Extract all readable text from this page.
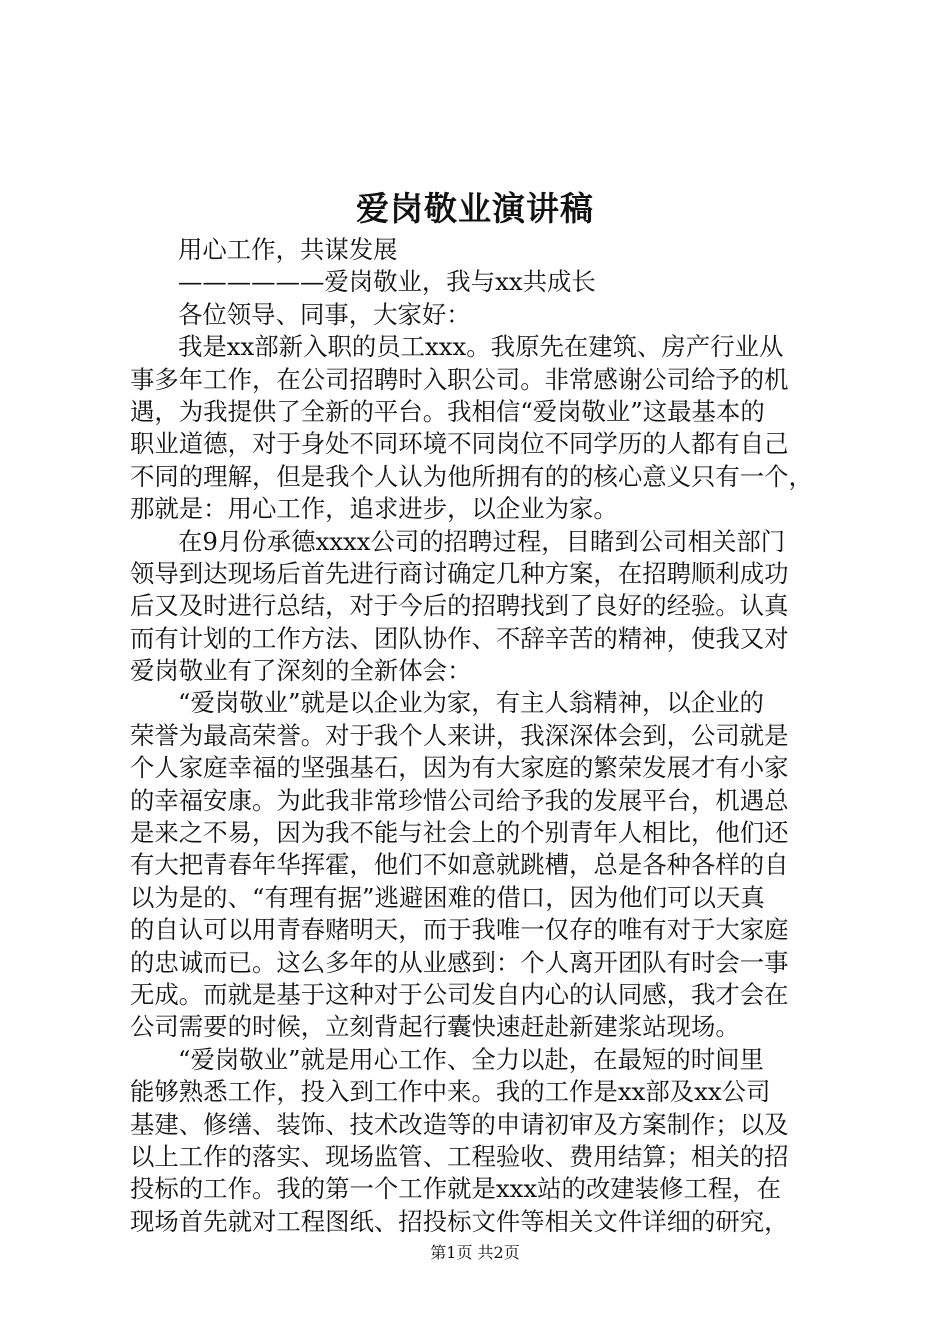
爱岗敬业演讲稿
用心工作，共谋发展
——————爱岗敬业，我与xx共成长
各位领导、同事，大家好：
我是xx部新入职的员工xxx。我原先在建筑、房产行业从
事多年工作，在公司招聘时入职公司。非常感谢公司给予的机
遇，为我提供了全新的平台。我相信“爱岗敬业”这最基本的
职业道德，对于身处不同环境不同岗位不同学历的人都有自己
不同的理解，但是我个人认为他所拥有的的核心意义只有一个，
那就是：用心工作，追求进步，以企业为家。
在9月份承德xxxx公司的招聘过程，目睹到公司相关部门
领导到达现场后首先进行商讨确定几种方案，在招聘顺利成功
后又及时进行总结，对于今后的招聘找到了良好的经验。认真
而有计划的工作方法、团队协作、不辞辛苦的精神，使我又对
爱岗敬业有了深刻的全新体会：
“爱岗敬业”就是以企业为家，有主人翁精神，以企业的
荣誉为最高荣誉。对于我个人来讲，我深深体会到，公司就是
个人家庭幸福的坚强基石，因为有大家庭的繁荣发展才有小家
的幸福安康。为此我非常珍惜公司给予我的发展平台，机遇总
是来之不易，因为我不能与社会上的个别青年人相比，他们还
有大把青春年华挥霍，他们不如意就跳槽，总是各种各样的自
以为是的、“有理有据”逃避困难的借口，因为他们可以天真
的自认可以用青春赌明天，而于我唯一仅存的唯有对于大家庭
的忠诚而已。这么多年的从业感到：个人离开团队有时会一事
无成。而就是基于这种对于公司发自内心的认同感，我才会在
公司需要的时候，立刻背起行囊快速赶赴新建浆站现场。
“爱岗敬业”就是用心工作、全力以赴，在最短的时间里
能够熟悉工作，投入到工作中来。我的工作是xx部及xx公司
基建、修缮、装饰、技术改造等的申请初审及方案制作；以及
以上工作的落实、现场监管、工程验收、费用结算；相关的招
投标的工作。我的第一个工作就是xxx站的改建装修工程，在
现场首先就对工程图纸、招投标文件等相关文件详细的研究，
第1页 共2页
